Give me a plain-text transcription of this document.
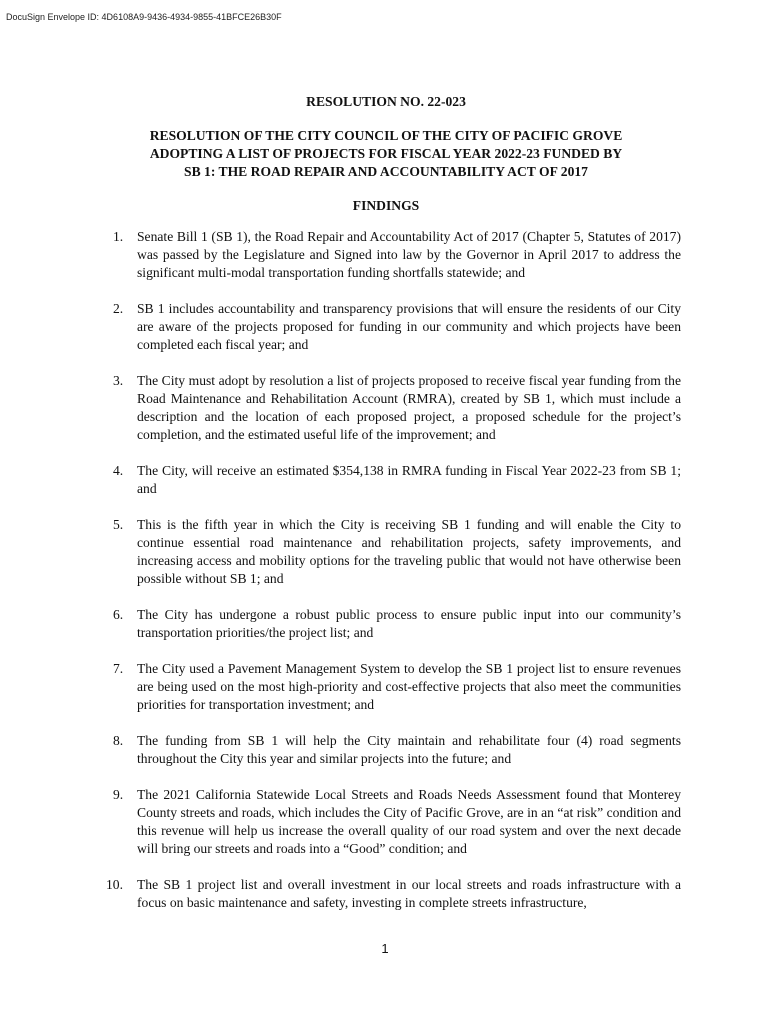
DocuSign Envelope ID: 4D6108A9-9436-4934-9855-41BFCE26B30F
RESOLUTION NO. 22-023
RESOLUTION OF THE CITY COUNCIL OF THE CITY OF PACIFIC GROVE
ADOPTING A LIST OF PROJECTS FOR FISCAL YEAR 2022-23 FUNDED BY
SB 1: THE ROAD REPAIR AND ACCOUNTABILITY ACT OF 2017
FINDINGS
1.	Senate Bill 1 (SB 1), the Road Repair and Accountability Act of 2017 (Chapter 5, Statutes of 2017) was passed by the Legislature and Signed into law by the Governor in April 2017 to address the significant multi-modal transportation funding shortfalls statewide; and
2.	SB 1 includes accountability and transparency provisions that will ensure the residents of our City are aware of the projects proposed for funding in our community and which projects have been completed each fiscal year; and
3.	The City must adopt by resolution a list of projects proposed to receive fiscal year funding from the Road Maintenance and Rehabilitation Account (RMRA), created by SB 1, which must include a description and the location of each proposed project, a proposed schedule for the project’s completion, and the estimated useful life of the improvement; and
4.	The City, will receive an estimated $354,138 in RMRA funding in Fiscal Year 2022-23 from SB 1; and
5.	This is the fifth year in which the City is receiving SB 1 funding and will enable the City to continue essential road maintenance and rehabilitation projects, safety improvements, and increasing access and mobility options for the traveling public that would not have otherwise been possible without SB 1; and
6.	The City has undergone a robust public process to ensure public input into our community’s transportation priorities/the project list; and
7.	The City used a Pavement Management System to develop the SB 1 project list to ensure revenues are being used on the most high-priority and cost-effective projects that also meet the communities priorities for transportation investment; and
8.	The funding from SB 1 will help the City maintain and rehabilitate four (4) road segments throughout the City this year and similar projects into the future; and
9.	The 2021 California Statewide Local Streets and Roads Needs Assessment found that Monterey County streets and roads, which includes the City of Pacific Grove, are in an “at risk” condition and this revenue will help us increase the overall quality of our road system and over the next decade will bring our streets and roads into a “Good” condition; and
10.	The SB 1 project list and overall investment in our local streets and roads infrastructure with a focus on basic maintenance and safety, investing in complete streets infrastructure,
1
